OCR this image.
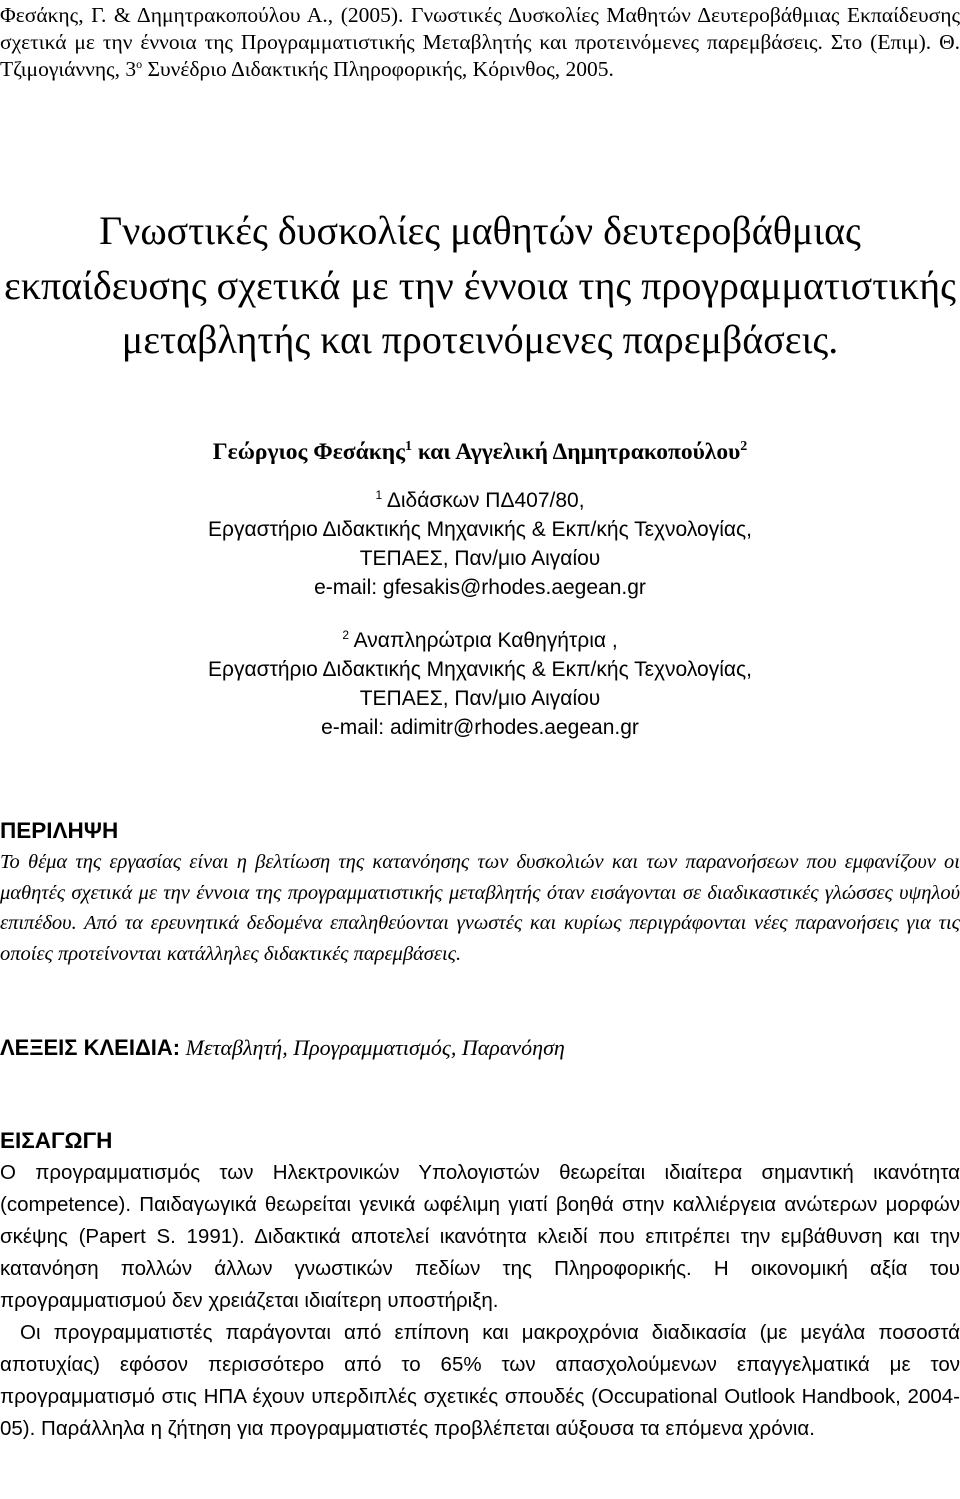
Φεσάκης, Γ. & Δημητρακοπούλου Α., (2005). Γνωστικές Δυσκολίες Μαθητών Δευτεροβάθμιας Εκπαίδευσης σχετικά με την έννοια της Προγραμματιστικής Μεταβλητής και προτεινόμενες παρεμβάσεις. Στο (Επιμ). Θ. Τζιμογιάννης, $3^o$ Συνέδριο Διδακτικής Πληροφορικής, Κόρινθος, 2005.
Γνωστικές δυσκολίες μαθητών δευτεροβάθμιας εκπαίδευσης σχετικά με την έννοια της προγραμματιστικής μεταβλητής και προτεινόμενες παρεμβάσεις.
Γεώργιος Φεσάκης$^1$ και Αγγελική Δημητρακοπούλου$^2$
$^1$ Διδάσκων ΠΔ407/80,
Εργαστήριο Διδακτικής Μηχανικής & Εκπ/κής Τεχνολογίας,
ΤΕΠΑΕΣ, Παν/μιο Αιγαίου
e-mail: gfesakis@rhodes.aegean.gr
$^2$ Αναπληρώτρια Καθηγήτρια ,
Εργαστήριο Διδακτικής Μηχανικής & Εκπ/κής Τεχνολογίας,
ΤΕΠΑΕΣ, Παν/μιο Αιγαίου
e-mail: adimitr@rhodes.aegean.gr
ΠΕΡΙΛΗΨΗ
Το θέμα της εργασίας είναι η βελτίωση της κατανόησης των δυσκολιών και των παρανοήσεων που εμφανίζουν οι μαθητές σχετικά με την έννοια της προγραμματιστικής μεταβλητής όταν εισάγονται σε διαδικαστικές γλώσσες υψηλού επιπέδου. Από τα ερευνητικά δεδομένα επαληθεύονται γνωστές και κυρίως περιγράφονται νέες παρανοήσεις για τις οποίες προτείνονται κατάλληλες διδακτικές παρεμβάσεις.
ΛΕΞΕΙΣ ΚΛΕΙΔΙΑ: Μεταβλητή, Προγραμματισμός, Παρανόηση
ΕΙΣΑΓΩΓΗ

Ο προγραμματισμός των Ηλεκτρονικών Υπολογιστών θεωρείται ιδιαίτερα σημαντική ικανότητα (competence). Παιδαγωγικά θεωρείται γενικά ωφέλιμη γιατί βοηθά στην καλλιέργεια ανώτερων μορφών σκέψης (Papert S. 1991). Διδακτικά αποτελεί ικανότητα κλειδί που επιτρέπει την εμβάθυνση και την κατανόηση πολλών άλλων γνωστικών πεδίων της Πληροφορικής. Η οικονομική αξία του προγραμματισμού δεν χρειάζεται ιδιαίτερη υποστήριξη.

Οι προγραμματιστές παράγονται από επίπονη και μακροχρόνια διαδικασία (με μεγάλα ποσοστά αποτυχίας) εφόσον περισσότερο από το 65% των απασχολούμενων επαγγελματικά με τον προγραμματισμό στις ΗΠΑ έχουν υπερδιπλές σχετικές σπουδές (Occupational Outlook Handbook, 2004-05). Παράλληλα η ζήτηση για προγραμματιστές προβλέπεται αύξουσα τα επόμενα χρόνια.
